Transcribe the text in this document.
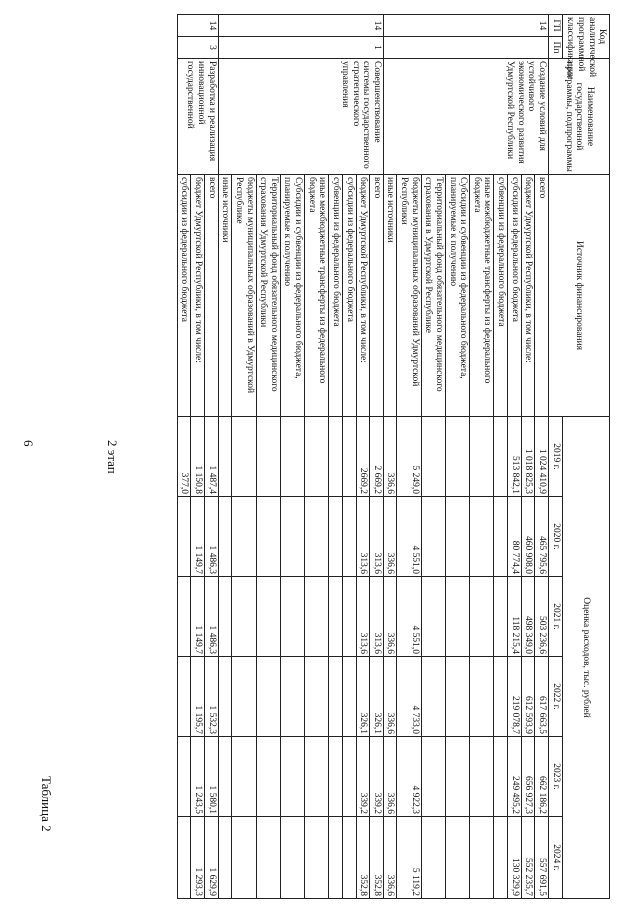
6
Таблица 2
2 этап
Код аналитической программной классификации		Наименование государственной программы, подпрограммы	Источник финансирования	Оценка расходов, тыс. рублей						
ГП	Пп			2019 г.	2020 г.	2021 г.	2022 г.	2023 г.	2024 г.	

14		Создание условий для устойчивого экономического развития Удмуртской Республики	всего	1 024 410,9	465 795,6	503 236,6	617 663,5	662 186,2	557 691,5	
			бюджет Удмуртской Республики, в том числе:	1 018 825,3	460 908,0	498 349,0	612 593,9	656 927,3	552 235,7	
			субсидии из федерального бюджета	513 842,1	80 774,4	118 215,4	219 078,7	249 495,2	130 329,9	
			субвенции из федерального бюджета							
			иные межбюджетные трансферты из федерального бюджета							
			Субсидии и субвенции из федерального бюджета, планируемые к получению							
			Территориальный фонд обязательного медицинского страхования в Удмуртской Республике							
			бюджеты муниципальных образований Удмуртской Республики	5 249,0	4 551,0	4 551,0	4 733,0	4 922,3	5 119,2	
			иные источники	336,6	336,6	336,6	336,6	336,6	336,6	
14	1	Совершенствование системы государственного стратегического управления	всего	2 669,2	313,6	313,6	326,1	339,2	352,8	
			бюджет Удмуртской Республики, в том числе:	2669,2	313,6	313,6	326,1	339,2	352,8	
			субсидии из федерального бюджета							
			субвенции из федерального бюджета							
			иные межбюджетные трансферты из федерального бюджета							
			Субсидии и субвенции из федерального бюджета, планируемые к получению							
			Территориальный фонд обязательного медицинского страхования Удмуртской Республики							
			бюджеты муниципальных образований в Удмуртской Республике							
			иные источники							
14	3	Разработка и реализация инновационной государственной	всего	1 487,4	1 486,3	1 486,3	1 532,3	1 580,1	1 629,9	
			бюджет Удмуртской Республики, в том числе:	1 150,8	1 149,7	1 149,7	1 195,7	1 243,5	1 293,3	
			субсидии из федерального бюджета	377,0						
